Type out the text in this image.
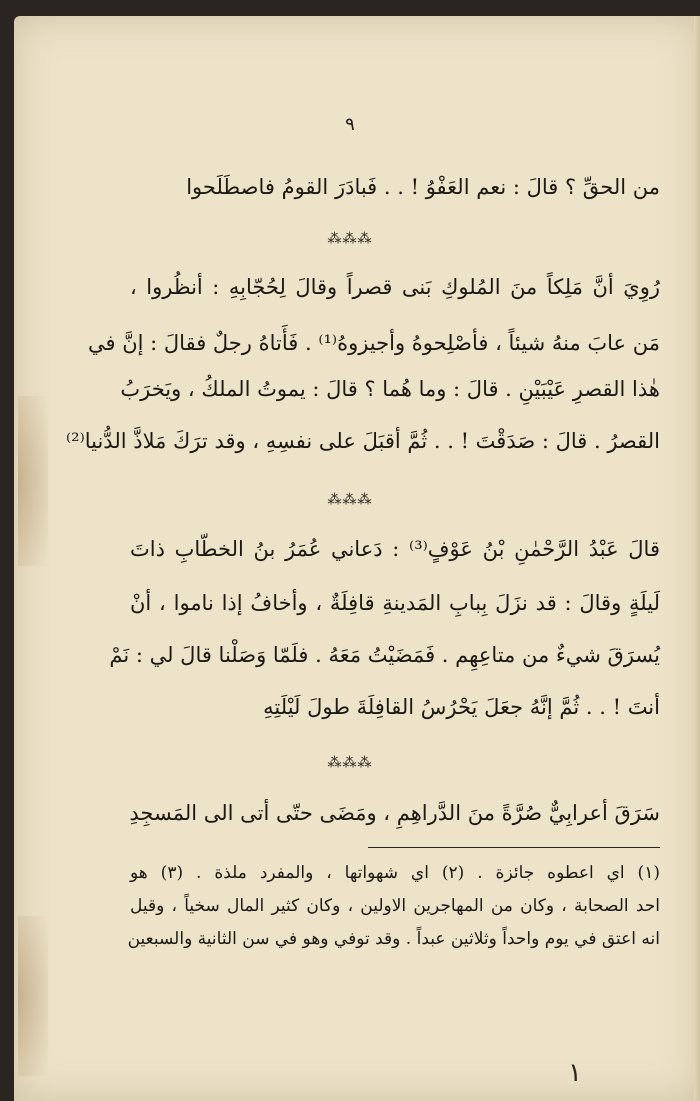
٩
من الحقِّ ؟ قالَ : نعم العَفْوُ ! . . فَبادَرَ القومُ فاصطَلَحوا
⁂⁂⁂
رُوِيَ أنَّ مَلِكاً منَ المُلوكِ بَنى قصراً وقالَ لِحُجّابِهِ : أنظُروا ،
مَن عابَ منهُ شيئاً ، فأصْلِحوهُ وأجيزوهُ⁽¹⁾ . فَأَتاهُ رجلٌ فقالَ : إنَّ في
هٰذا القصرِ عَيْبَيْنِ . قالَ : وما هُما ؟ قالَ : يموتُ الملكُ ، ويَخرَبُ
القصرُ . قالَ : صَدَقْتَ ! . . ثُمَّ أقبَلَ على نفسِهِ ، وقد ترَكَ مَلاذَّ الدُّنيا⁽²⁾
⁂⁂⁂
قالَ عَبْدُ الرَّحْمٰنِ بْنُ عَوْفٍ⁽³⁾ : دَعاني عُمَرُ بنُ الخطّابِ ذاتَ
لَيلَةٍ وقالَ : قد نزَلَ بِبابِ المَدينةِ قافِلَةٌ ، وأخافُ إذا ناموا ، أنْ
يُسرَقَ شيءٌ من متاعِهِم . فَمَضَيْتُ مَعَهُ . فلَمّا وَصَلْنا قالَ لي : نَمْ
أنتَ ! . . ثُمَّ إنَّهُ جعَلَ يَحْرُسُ القافِلَةَ طولَ لَيْلَتِهِ
⁂⁂⁂
سَرَقَ أعرابِيٌّ صُرَّةً منَ الدَّراهِمِ ، ومَضَى حتّى أتى الى المَسجِدِ
(١) اي اعطوه جائزة . (٢) اي شهواتها ، والمفرد ملذة . (٣) هو
احد الصحابة ، وكان من المهاجرين الاولين ، وكان كثير المال سخياً ، وقيل
انه اعتق في يوم واحداً وثلاثين عبداً . وقد توفي وهو في سن الثانية والسبعين
١
